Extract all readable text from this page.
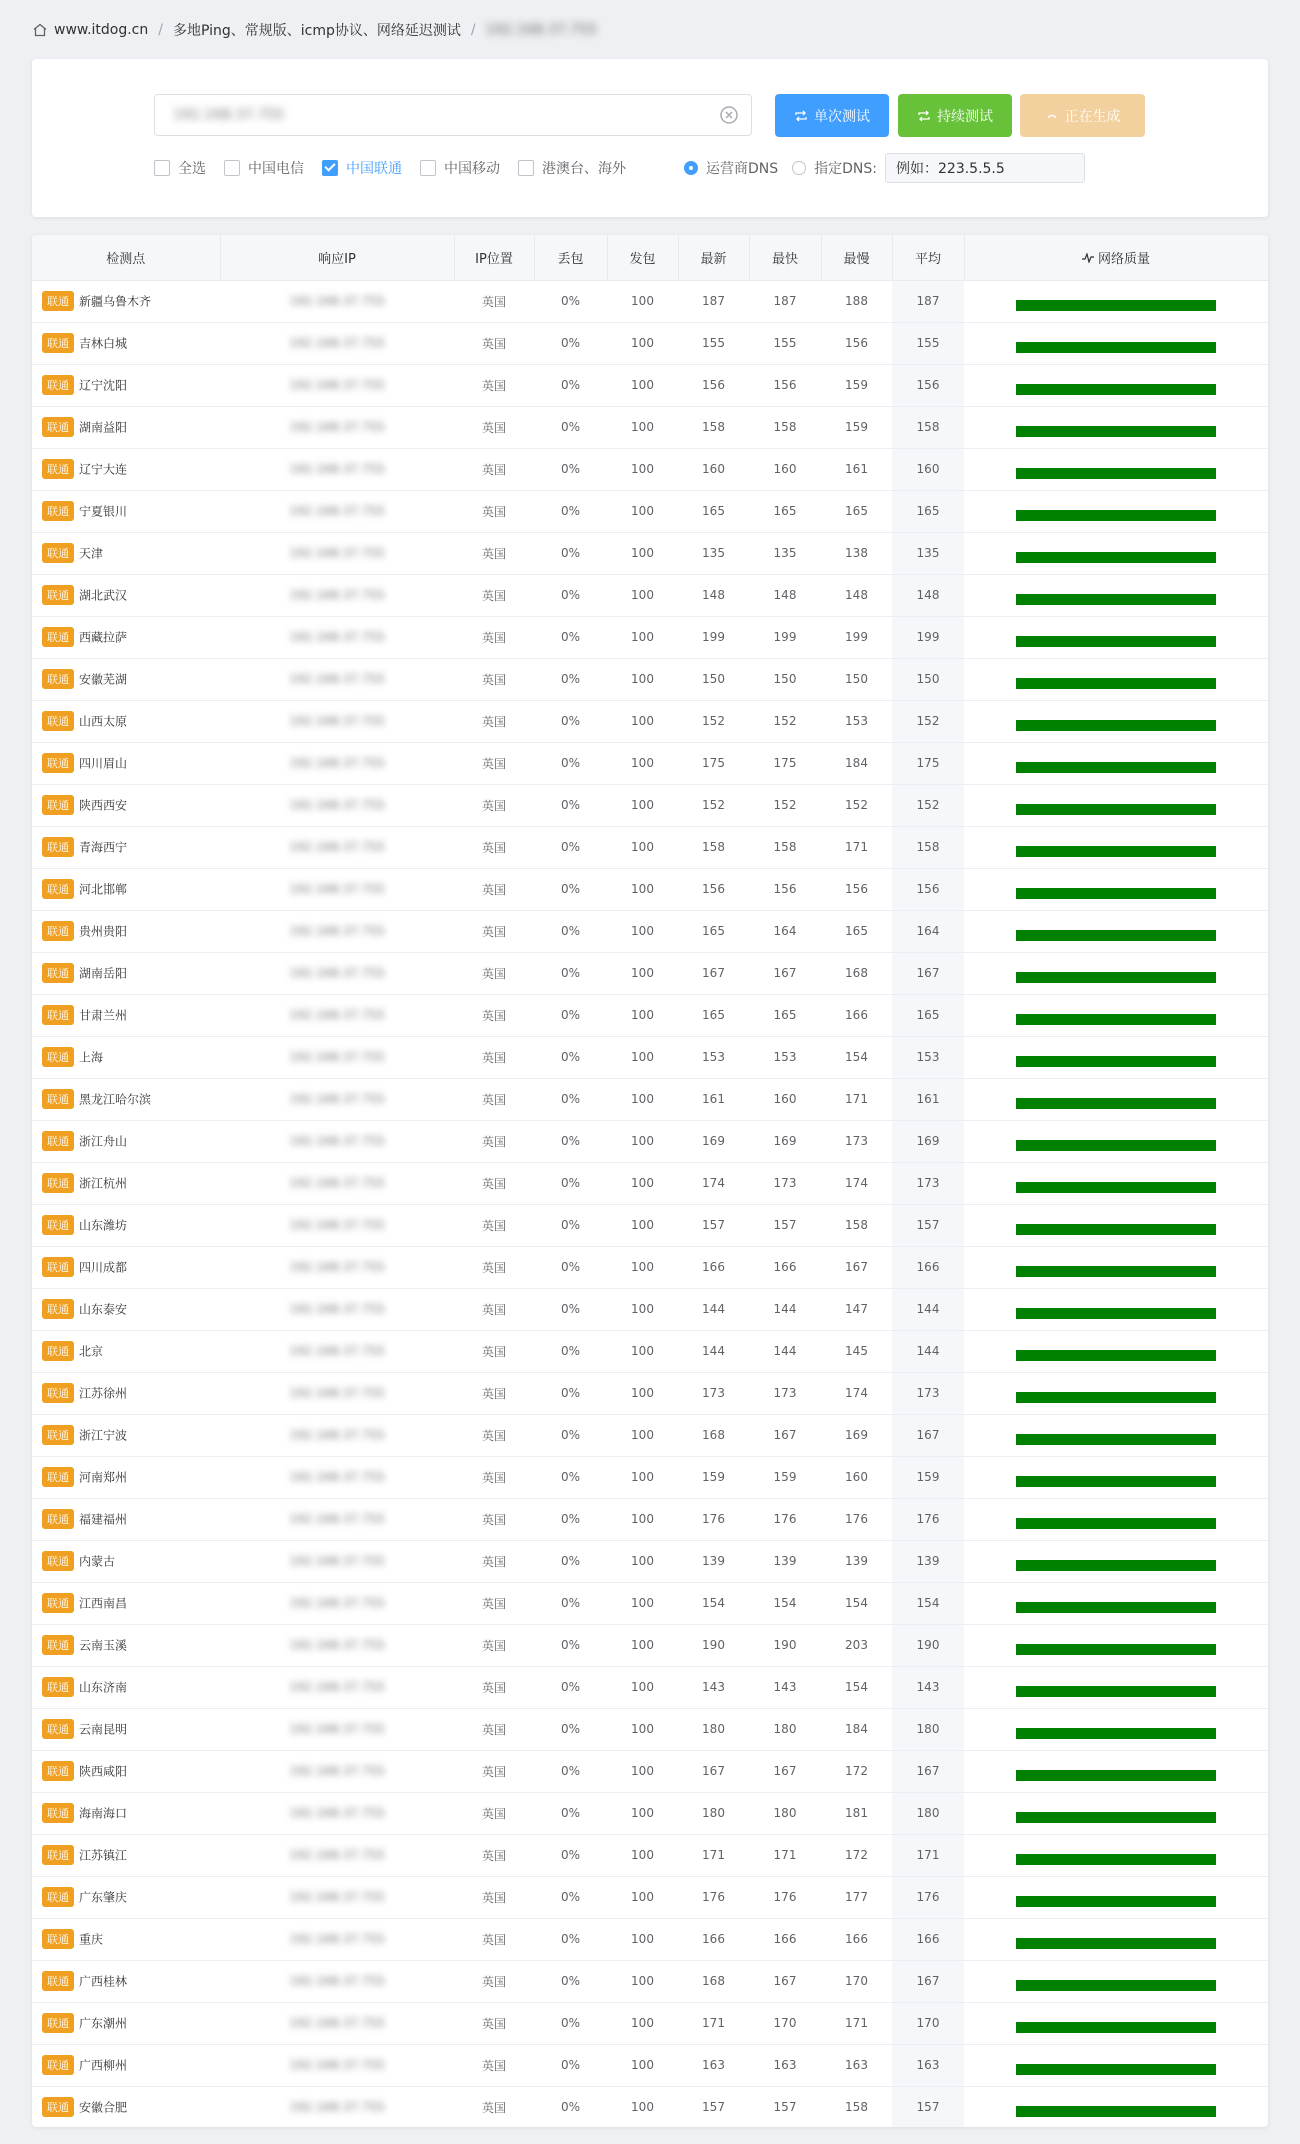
www.itdog.cn / 多地Ping、常规版、icmp协议、网络延迟测试 / 192.168.37.755
192.168.37.755	单次测试	持续测试	正在生成
全选	中国电信	中国联通	中国移动	港澳台、海外	运营商DNS	指定DNS: 例如：223.5.5.5
检测点	响应IP	IP位置	丢包	发包	最新	最快	最慢	平均	网络质量
联通 新疆乌鲁木齐	192.168.37.755	英国	0%	100	187	187	188	187	

联通 吉林白城	192.168.37.755	英国	0%	100	155	155	156	155	

联通 辽宁沈阳	192.168.37.755	英国	0%	100	156	156	159	156	

联通 湖南益阳	192.168.37.755	英国	0%	100	158	158	159	158	

联通 辽宁大连	192.168.37.755	英国	0%	100	160	160	161	160	

联通 宁夏银川	192.168.37.755	英国	0%	100	165	165	165	165	

联通 天津	192.168.37.755	英国	0%	100	135	135	138	135	

联通 湖北武汉	192.168.37.755	英国	0%	100	148	148	148	148	

联通 西藏拉萨	192.168.37.755	英国	0%	100	199	199	199	199	

联通 安徽芜湖	192.168.37.755	英国	0%	100	150	150	150	150	

联通 山西太原	192.168.37.755	英国	0%	100	152	152	153	152	

联通 四川眉山	192.168.37.755	英国	0%	100	175	175	184	175	

联通 陕西西安	192.168.37.755	英国	0%	100	152	152	152	152	

联通 青海西宁	192.168.37.755	英国	0%	100	158	158	171	158	

联通 河北邯郸	192.168.37.755	英国	0%	100	156	156	156	156	

联通 贵州贵阳	192.168.37.755	英国	0%	100	165	164	165	164	

联通 湖南岳阳	192.168.37.755	英国	0%	100	167	167	168	167	

联通 甘肃兰州	192.168.37.755	英国	0%	100	165	165	166	165	

联通 上海	192.168.37.755	英国	0%	100	153	153	154	153	

联通 黑龙江哈尔滨	192.168.37.755	英国	0%	100	161	160	171	161	

联通 浙江舟山	192.168.37.755	英国	0%	100	169	169	173	169	

联通 浙江杭州	192.168.37.755	英国	0%	100	174	173	174	173	

联通 山东潍坊	192.168.37.755	英国	0%	100	157	157	158	157	

联通 四川成都	192.168.37.755	英国	0%	100	166	166	167	166	

联通 山东泰安	192.168.37.755	英国	0%	100	144	144	147	144	

联通 北京	192.168.37.755	英国	0%	100	144	144	145	144	

联通 江苏徐州	192.168.37.755	英国	0%	100	173	173	174	173	

联通 浙江宁波	192.168.37.755	英国	0%	100	168	167	169	167	

联通 河南郑州	192.168.37.755	英国	0%	100	159	159	160	159	

联通 福建福州	192.168.37.755	英国	0%	100	176	176	176	176	

联通 内蒙古	192.168.37.755	英国	0%	100	139	139	139	139	

联通 江西南昌	192.168.37.755	英国	0%	100	154	154	154	154	

联通 云南玉溪	192.168.37.755	英国	0%	100	190	190	203	190	

联通 山东济南	192.168.37.755	英国	0%	100	143	143	154	143	

联通 云南昆明	192.168.37.755	英国	0%	100	180	180	184	180	

联通 陕西咸阳	192.168.37.755	英国	0%	100	167	167	172	167	

联通 海南海口	192.168.37.755	英国	0%	100	180	180	181	180	

联通 江苏镇江	192.168.37.755	英国	0%	100	171	171	172	171	

联通 广东肇庆	192.168.37.755	英国	0%	100	176	176	177	176	

联通 重庆	192.168.37.755	英国	0%	100	166	166	166	166	

联通 广西桂林	192.168.37.755	英国	0%	100	168	167	170	167	

联通 广东潮州	192.168.37.755	英国	0%	100	171	170	171	170	

联通 广西柳州	192.168.37.755	英国	0%	100	163	163	163	163	

联通 安徽合肥	192.168.37.755	英国	0%	100	157	157	158	157	
